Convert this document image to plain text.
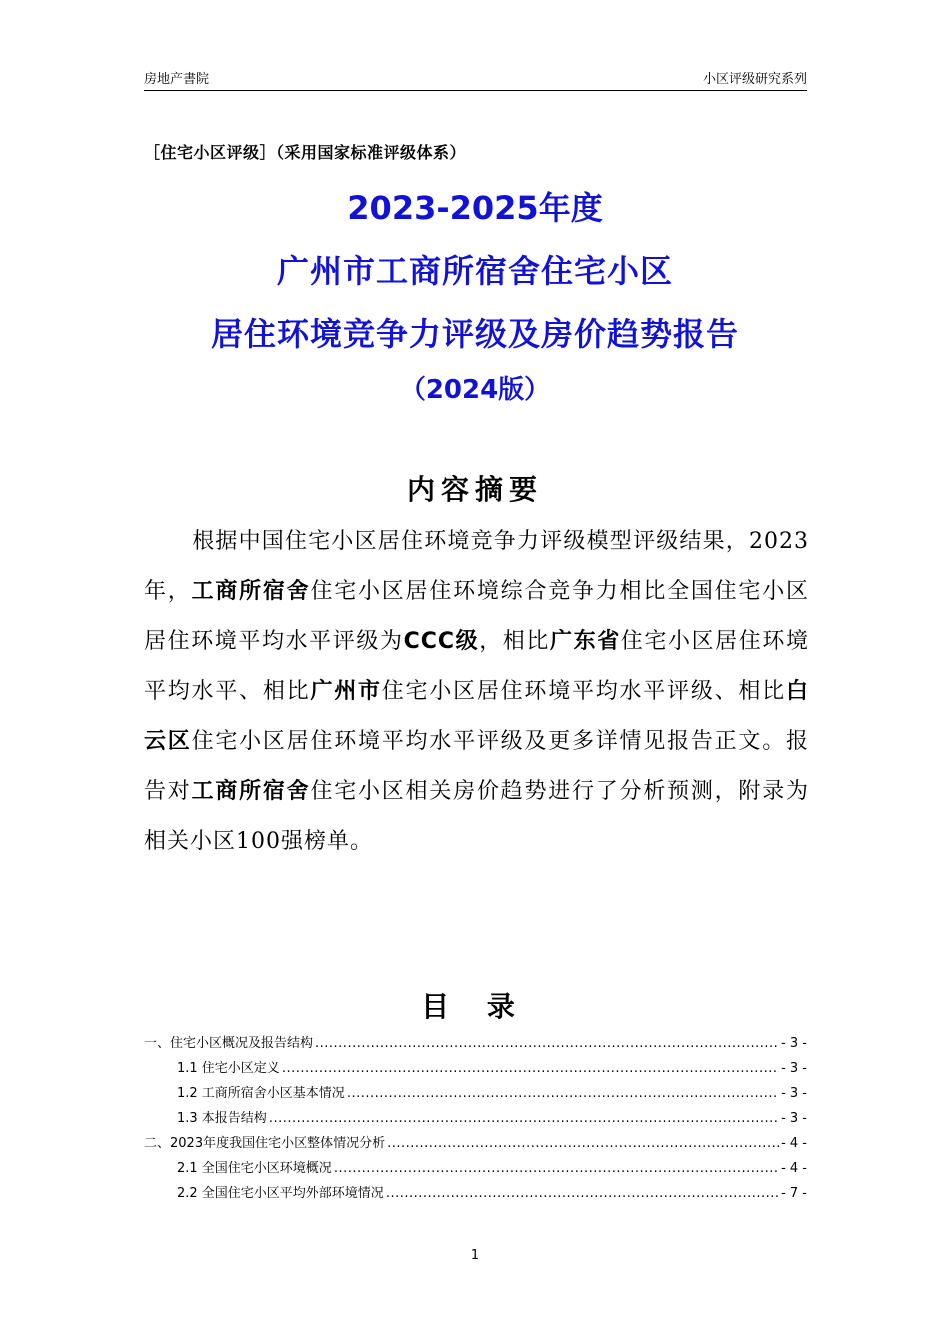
房地产書院	小区评级研究系列
［住宅小区评级］（采用国家标准评级体系）
2023-2025年度
广州市工商所宿舍住宅小区
居住环境竞争力评级及房价趋势报告
（2024版）
内容摘要
根据中国住宅小区居住环境竞争力评级模型评级结果，2023年，工商所宿舍住宅小区居住环境综合竞争力相比全国住宅小区居住环境平均水平评级为CCC级，相比广东省住宅小区居住环境平均水平、相比广州市住宅小区居住环境平均水平评级、相比白云区住宅小区居住环境平均水平评级及更多详情见报告正文。报告对工商所宿舍住宅小区相关房价趋势进行了分析预测，附录为相关小区100强榜单。
目 录
一、住宅小区概况及报告结构 .....	- 3 -
1.1 住宅小区定义 .....	- 3 -
1.2 工商所宿舍小区基本情况 .....	- 3 -
1.3 本报告结构 .....	- 3 -
二、2023年度我国住宅小区整体情况分析 .....	- 4 -
2.1 全国住宅小区环境概况 .....	- 4 -
2.2 全国住宅小区平均外部环境情况 .....	- 7 -
1
